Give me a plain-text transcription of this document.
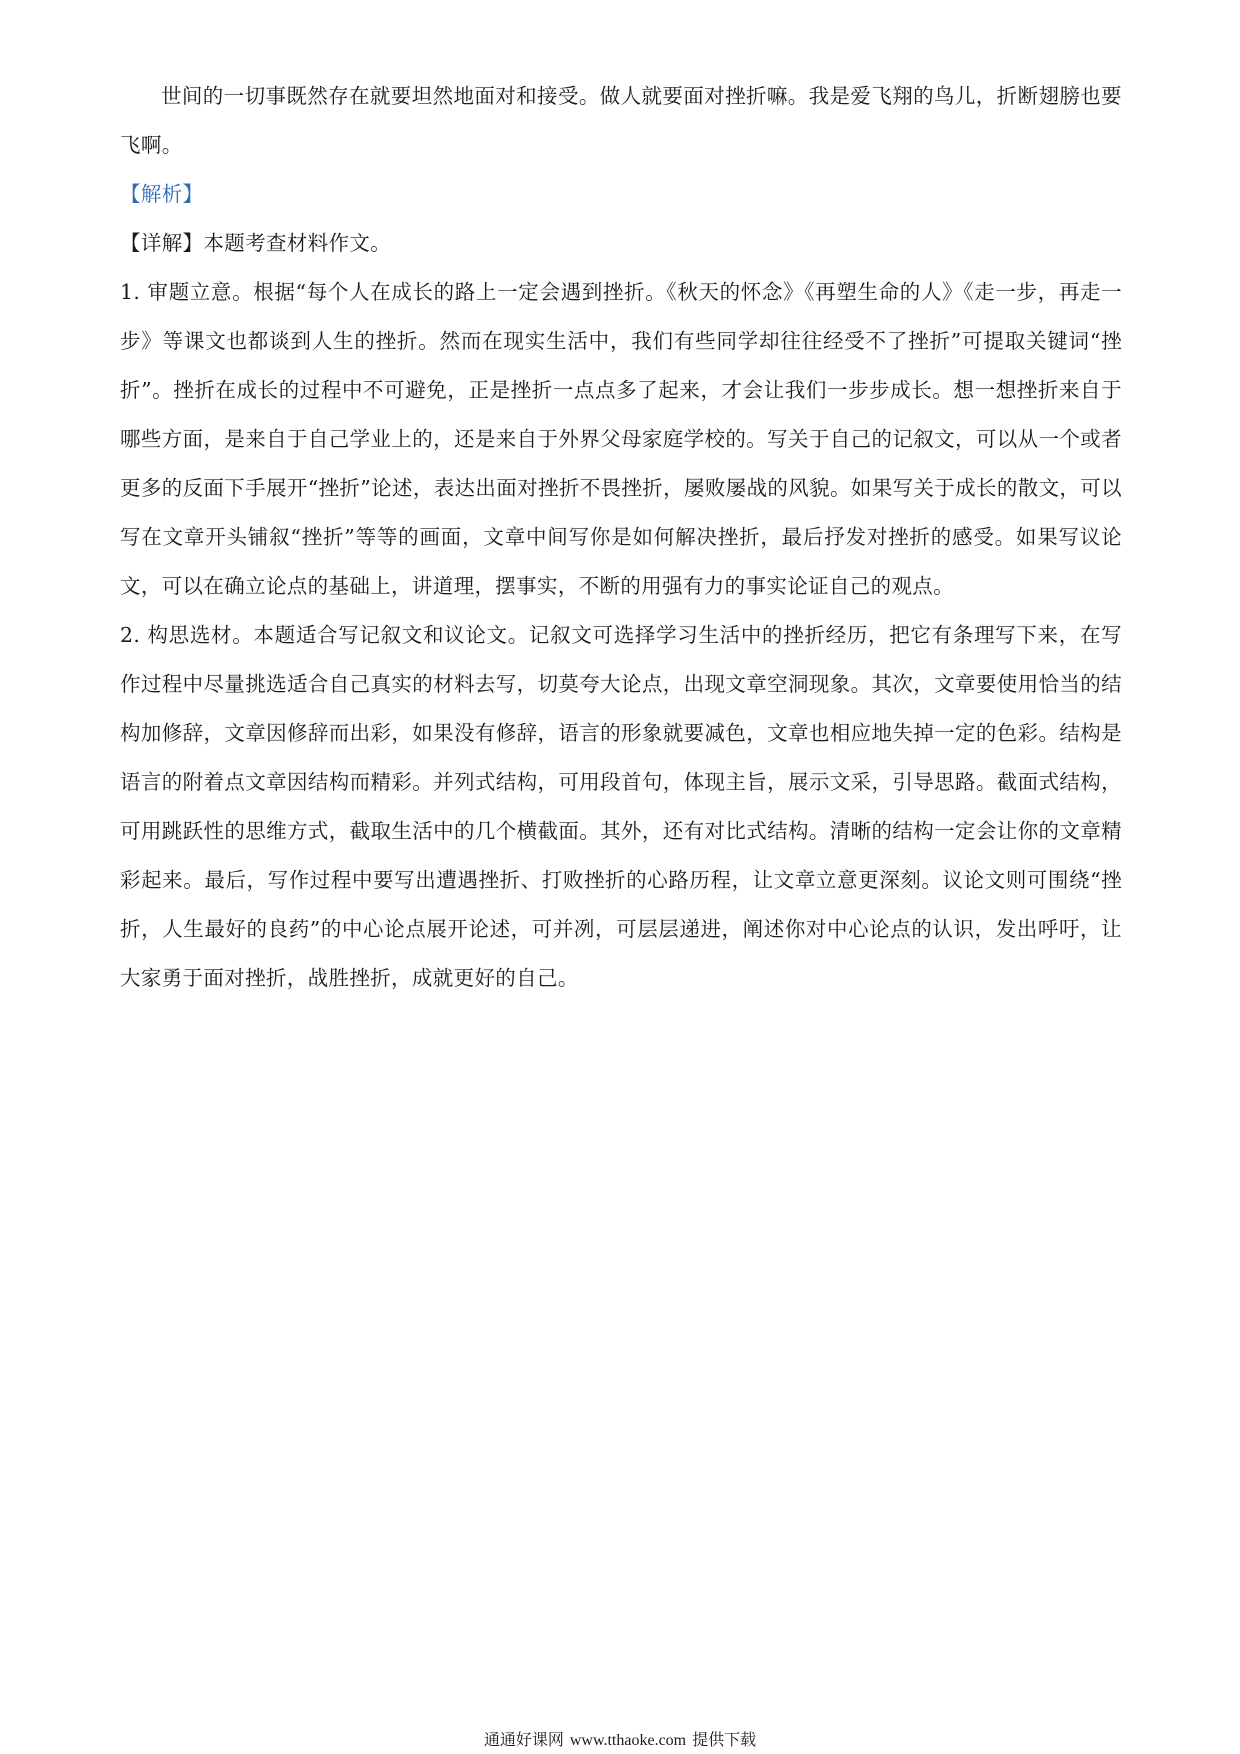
世间的一切事既然存在就要坦然地面对和接受。做人就要面对挫折嘛。我是爱飞翔的鸟儿，折断翅膀也要飞啊。

【解析】

【详解】本题考查材料作文。

1. 审题立意。根据“每个人在成长的路上一定会遇到挫折。《秋天的怀念》《再塑生命的人》《走一步，再走一步》等课文也都谈到人生的挫折。然而在现实生活中，我们有些同学却往往经受不了挫折”可提取关键词“挫折”。挫折在成长的过程中不可避免，正是挫折一点点多了起来，才会让我们一步步成长。想一想挫折来自于哪些方面，是来自于自己学业上的，还是来自于外界父母家庭学校的。写关于自己的记叙文，可以从一个或者更多的反面下手展开“挫折”论述，表达出面对挫折不畏挫折，屡败屡战的风貌。如果写关于成长的散文，可以写在文章开头铺叙“挫折”等等的画面，文章中间写你是如何解决挫折，最后抒发对挫折的感受。如果写议论文，可以在确立论点的基础上，讲道理，摆事实，不断的用强有力的事实论证自己的观点。

2. 构思选材。本题适合写记叙文和议论文。记叙文可选择学习生活中的挫折经历，把它有条理写下来，在写作过程中尽量挑选适合自己真实的材料去写，切莫夸大论点，出现文章空洞现象。其次，文章要使用恰当的结构加修辞，文章因修辞而出彩，如果没有修辞，语言的形象就要减色，文章也相应地失掉一定的色彩。结构是语言的附着点文章因结构而精彩。并列式结构，可用段首句，体现主旨，展示文采，引导思路。截面式结构，可用跳跃性的思维方式，截取生活中的几个横截面。其外，还有对比式结构。清晰的结构一定会让你的文章精彩起来。最后，写作过程中要写出遭遇挫折、打败挫折的心路历程，让文章立意更深刻。议论文则可围绕“挫折，人生最好的良药”的中心论点展开论述，可并冽，可层层递进，阐述你对中心论点的认识，发出呼吁，让大家勇于面对挫折，战胜挫折，成就更好的自己。

通通好课网 www.tthaoke.com 提供下载
